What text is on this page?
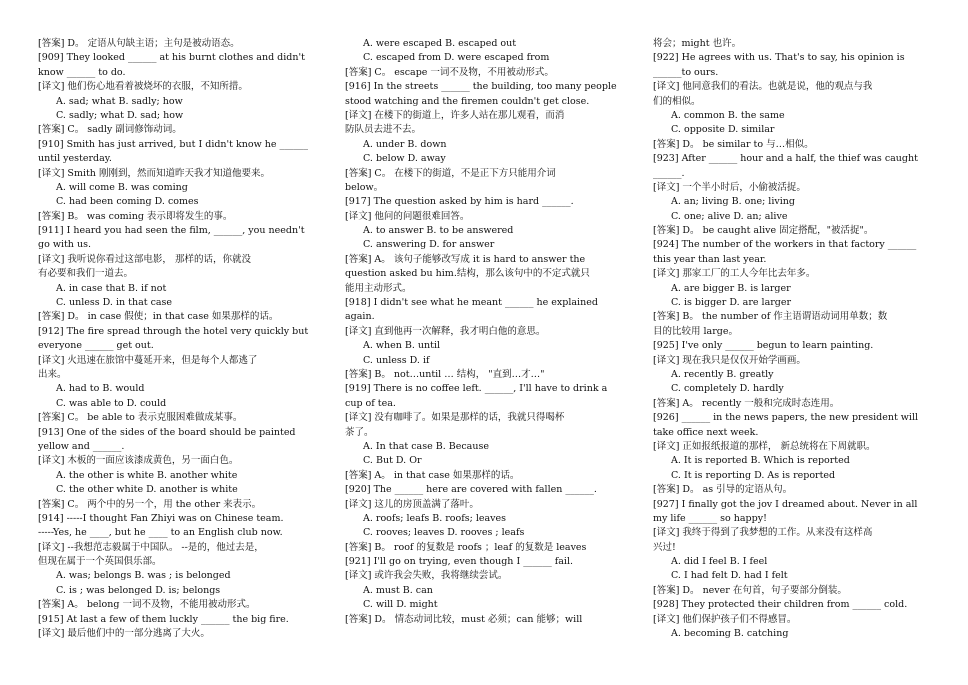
[答案] D。 定语从句缺主语；主句是被动语态。
[909] They looked ______ at his burnt clothes and didn't
know ______ to do.
[译文] 他们伤心地看着被烧坏的衣服，不知所措。
A. sad; what B. sadly; how
C. sadly; what D. sad; how
[答案] C。 sadly 副词修饰动词。
[910] Smith has just arrived, but I didn't know he ______
until yesterday.
[译文] Smith 刚刚到，然而知道昨天我才知道他要来。
A. will come B. was coming
C. had been coming D. comes
[答案] B。 was coming 表示即将发生的事。
[911] I heard you had seen the film, ______, you needn't
go with us.
[译文] 我听说你看过这部电影， 那样的话，你就没
有必要和我们一道去。
A. in case that B. if not
C. unless D. in that case
[答案] D。 in case 假使；in that case 如果那样的话。
[912] The fire spread through the hotel very quickly but
everyone ______ get out.
[译文] 火迅速在旅馆中蔓延开来，但是每个人都逃了
出来。
A. had to B. would
C. was able to D. could
[答案] C。 be able to 表示克服困难做成某事。
[913] One of the sides of the board should be painted
yellow and ______.
[译文] 木板的一面应该漆成黄色，另一面白色。
A. the other is white B. another white
C. the other white D. another is white
[答案] C。 两个中的另一个，用 the other 来表示。
[914] -----I thought Fan Zhiyi was on Chinese team.
-----Yes, he ____, but he ____ to an English club now.
[译文] --我想范志毅属于中国队。 --是的，他过去是，
但现在属于一个英国俱乐部。
A. was; belongs B. was ; is belonged
C. is ; was belonged D. is; belongs
[答案] A。 belong 一词不及物，不能用被动形式。
[915] At last a few of them luckly ______ the big fire.
[译文] 最后他们中的一部分逃离了大火。
A. were escaped B. escaped out
C. escaped from D. were escaped from
[答案] C。 escape 一词不及物，不用被动形式。
[916] In the streets ______ the building, too many people
stood watching and the firemen couldn't get close.
[译文] 在楼下的街道上，许多人站在那儿观看，而消
防队员去进不去。
A. under B. down
C. below D. away
[答案] C。 在楼下的街道，不是正下方只能用介词
below。
[917] The question asked by him is hard ______.
[译文] 他问的问题很难回答。
A. to answer B. to be answered
C. answering D. for answer
[答案] A。 该句子能够改写成 it is hard to answer the
question asked bu him.结构，那么该句中的不定式就只
能用主动形式。
[918] I didn't see what he meant ______ he explained
again.
[译文] 直到他再一次解释，我才明白他的意思。
A. when B. until
C. unless D. if
[答案] B。 not…until … 结构， "直到…才…"
[919] There is no coffee left. ______, I'll have to drink a
cup of tea.
[译文] 没有咖啡了。如果是那样的话，我就只得喝杯
茶了。
A. In that case B. Because
C. But D. Or
[答案] A。 in that case 如果那样的话。
[920] The ______ here are covered with fallen ______.
[译文] 这儿的房顶盖满了落叶。
A. roofs; leafs B. roofs; leaves
C. rooves; leaves D. rooves ; leafs
[答案] B。 roof 的复数是 roofs ；leaf 的复数是 leaves
[921] I'll go on trying, even though I ______ fail.
[译文] 或许我会失败，我将继续尝试。
A. must B. can
C. will D. might
[答案] D。 情态动词比较，must 必须；can 能够；will
将会；might 也许。
[922] He agrees with us. That's to say, his opinion is
______to ours.
[译文] 他同意我们的看法。也就是说，他的观点与我
们的相似。
A. common B. the same
C. opposite D. similar
[答案] D。 be similar to 与…相似。
[923] After ______ hour and a half, the thief was caught
______.
[译文] 一个半小时后，小偷被活捉。
A. an; living B. one; living
C. one; alive D. an; alive
[答案] D。 be caught alive 固定搭配，"被活捉"。
[924] The number of the workers in that factory ______
this year than last year.
[译文] 那家工厂的工人今年比去年多。
A. are bigger B. is larger
C. is bigger D. are larger
[答案] B。 the number of 作主语谓语动词用单数；数
目的比较用 large。
[925] I've only ______ begun to learn painting.
[译文] 现在我只是仅仅开始学画画。
A. recently B. greatly
C. completely D. hardly
[答案] A。 recently 一般和完成时态连用。
[926] ______ in the news papers, the new president will
take office next week.
[译文] 正如报纸报道的那样， 新总统将在下周就职。
A. It is reported B. Which is reported
C. It is reporting D. As is reported
[答案] D。 as 引导的定语从句。
[927] I finally got the jov I dreamed about. Never in all
my life ______ so happy!
[译文] 我终于得到了我梦想的工作。从来没有这样高
兴过!
A. did I feel B. I feel
C. I had felt D. had I felt
[答案] D。 never 在句首，句子要部分倒装。
[928] They protected their children from ______ cold.
[译文] 他们保护孩子们不得感冒。
A. becoming B. catching
